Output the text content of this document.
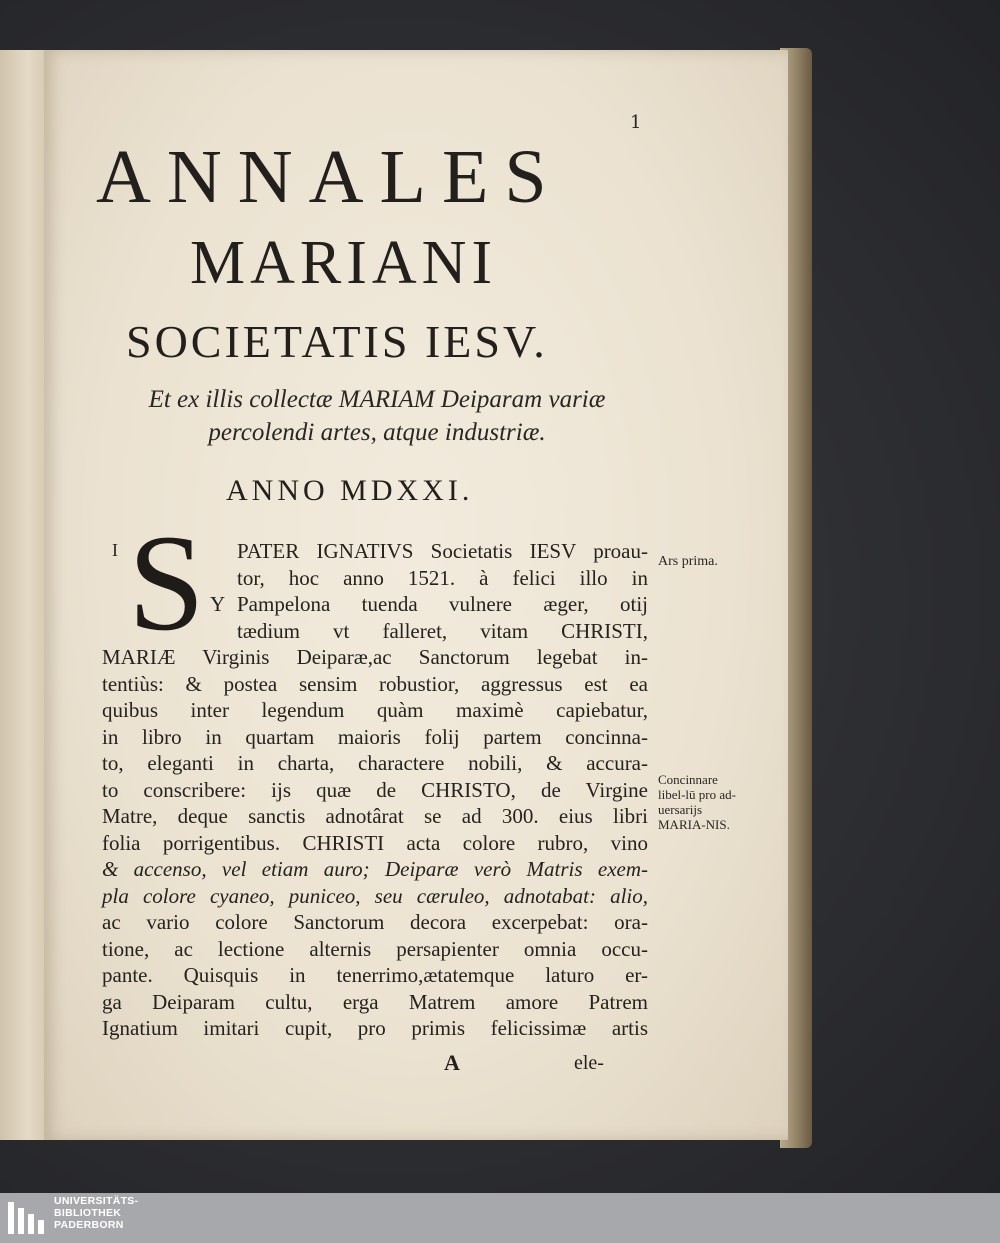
1
ANNALES
MARIANI
SOCIETATIS IESV.
Et ex illis collectæ MARIAM Deiparam variæ
percolendi artes, atque industriæ.
ANNO MDXXI.
I S	PATER IGNATIVS Societatis IESV proau-
tor, hoc anno 1521. à felici illo in
Y Pampelona tuenda vulnere æger, otij
tædium vt falleret, vitam CHRISTI,
MARIÆ Virginis Deiparæ,ac Sanctorum legebat in-
tentiùs: & postea sensim robustior, aggressus est ea
quibus inter legendum quàm maximè capiebatur,
in libro in quartam maioris folij partem concinna-
to, eleganti in charta, charactere nobili, & accura-
to conscribere: ijs quæ de CHRISTO, de Virgine
Matre, deque sanctis adnotârat se ad 300. eius libri
folia porrigentibus. CHRISTI acta colore rubro, vino
& accenso, vel etiam auro; Deiparæ verò Matris exem-
pla colore cyaneo, puniceo, seu cæruleo, adnotabat: alio,
ac vario colore Sanctorum decora excerpebat: ora-
tione, ac lectione alternis persapienter omnia occu-
pante. Quisquis in tenerrimo,ætatemque laturo er-
ga Deiparam cultu, erga Matrem amore Patrem
Ignatium imitari cupit, pro primis felicissimæ artis
Ars prima.
Concinnare libel-lū pro ad-uersarijs MARIA-NIS.
A	ele-
UNIVERSITÄTS-
BIBLIOTHEK
PADERBORN
